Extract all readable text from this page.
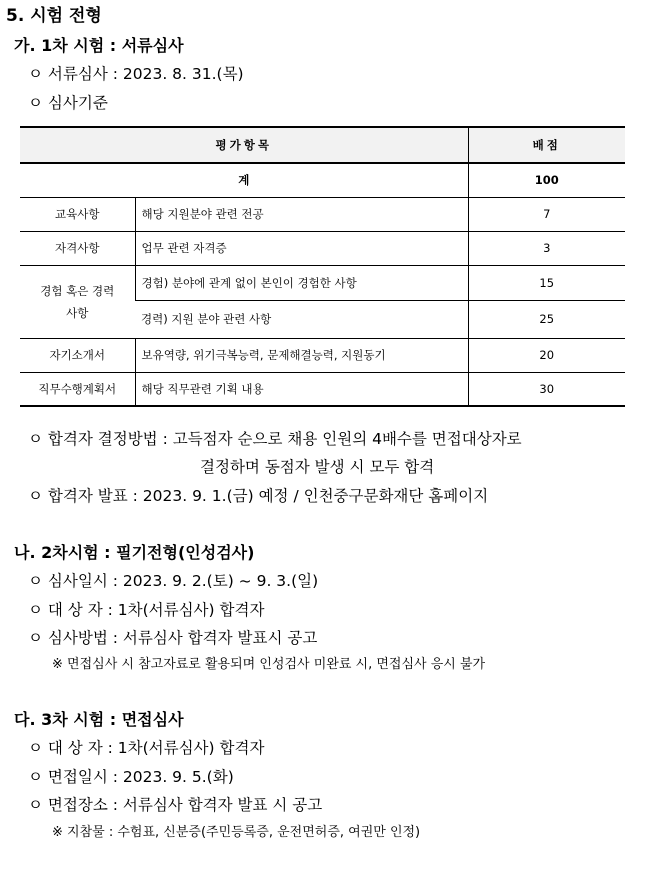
5. 시험 전형
가. 1차 시험 : 서류심사
ㅇ 서류심사 : 2023. 8. 31.(목)
ㅇ 심사기준
평가항목		배점
계		100
교육사항	해당 지원분야 관련 전공	7
자격사항	업무 관련 자격증	3
경험 혹은 경력사항	경험) 분야에 관계 없이 본인이 경험한 사항	15
	경력) 지원 분야 관련 사항	25
자기소개서	보유역량, 위기극복능력, 문제해결능력, 지원동기	20
직무수행계획서	해당 직무관련 기획 내용	30
ㅇ 합격자 결정방법 : 고득점자 순으로 채용 인원의 4배수를 면접대상자로
결정하며 동점자 발생 시 모두 합격
ㅇ 합격자 발표 : 2023. 9. 1.(금) 예정 / 인천중구문화재단 홈페이지
나. 2차시험 : 필기전형(인성검사)
ㅇ 심사일시 : 2023. 9. 2.(토) ~ 9. 3.(일)
ㅇ 대 상 자 : 1차(서류심사) 합격자
ㅇ 심사방법 : 서류심사 합격자 발표시 공고
※ 면접심사 시 참고자료로 활용되며 인성검사 미완료 시, 면접심사 응시 불가
다. 3차 시험 : 면접심사
ㅇ 대 상 자 : 1차(서류심사) 합격자
ㅇ 면접일시 : 2023. 9. 5.(화)
ㅇ 면접장소 : 서류심사 합격자 발표 시 공고
※ 지참물 : 수험표, 신분증(주민등록증, 운전면허증, 여권만 인정)
